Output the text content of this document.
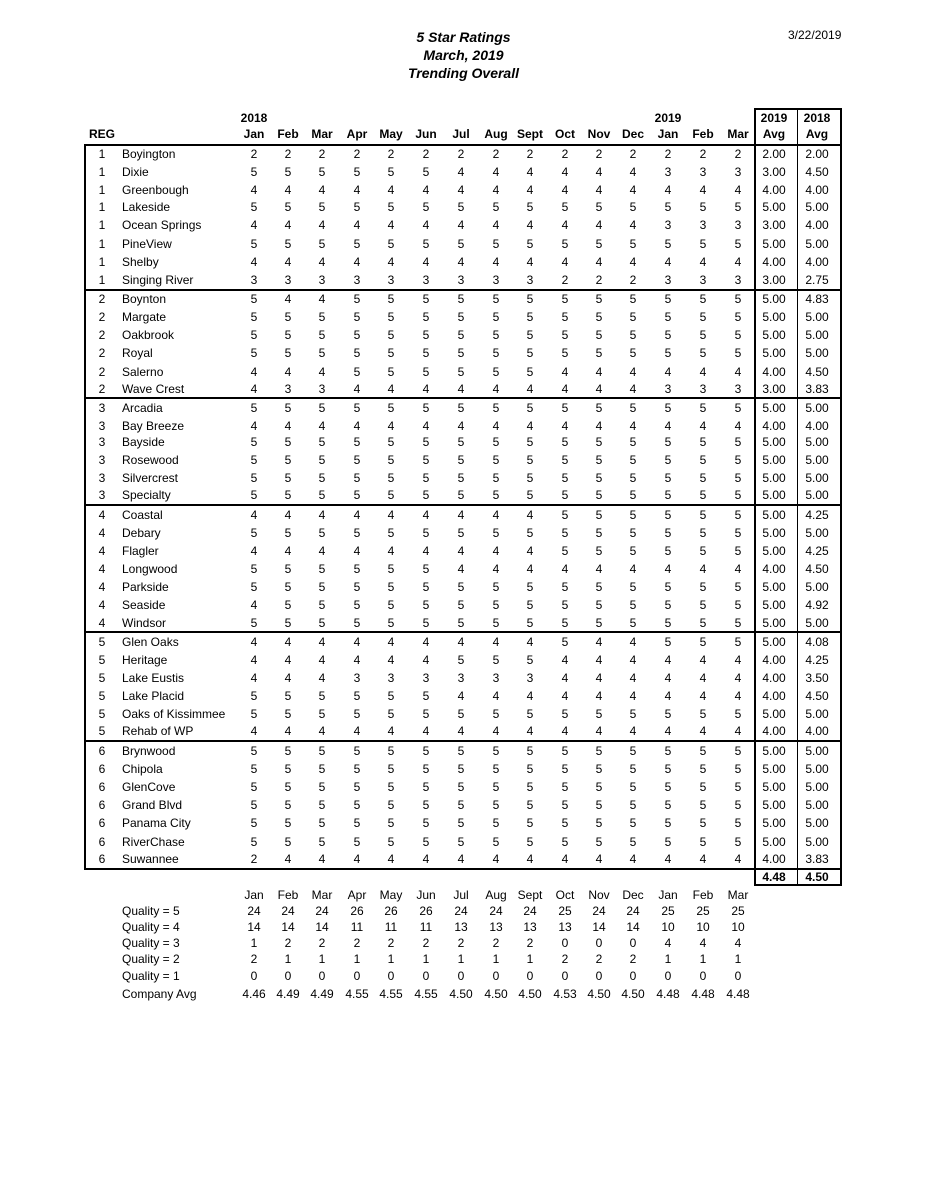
5 Star Ratings
March, 2019
Trending Overall
3/22/2019
REG
2018	2019
Jan Feb Mar Apr May Jun Jul Aug Sept Oct Nov Dec Jan Feb Mar
2019 2018
Avg Avg
1 Boyington	2 2 2 2 2 2 2 2 2 2 2 2 2 2 2 2.00 2.00
1 Dixie	5 5 5 5 5 5 4 4 4 4 4 4 3 3 3 3.00 4.50
1 Greenbough	4 4 4 4 4 4 4 4 4 4 4 4 4 4 4 4.00 4.00
1 Lakeside	5 5 5 5 5 5 5 5 5 5 5 5 5 5 5 5.00 5.00
1 Ocean Springs	4 4 4 4 4 4 4 4 4 4 4 4 3 3 3 3.00 4.00
1 PineView	5 5 5 5 5 5 5 5 5 5 5 5 5 5 5 5.00 5.00
1 Shelby	4 4 4 4 4 4 4 4 4 4 4 4 4 4 4 4.00 4.00
1 Singing River	3 3 3 3 3 3 3 3 3 2 2 2 3 3 3 3.00 2.75
2 Boynton	5 4 4 5 5 5 5 5 5 5 5 5 5 5 5 5.00 4.83
2 Margate	5 5 5 5 5 5 5 5 5 5 5 5 5 5 5 5.00 5.00
2 Oakbrook	5 5 5 5 5 5 5 5 5 5 5 5 5 5 5 5.00 5.00
2 Royal	5 5 5 5 5 5 5 5 5 5 5 5 5 5 5 5.00 5.00
2 Salerno	4 4 4 5 5 5 5 5 5 4 4 4 4 4 4 4.00 4.50
2 Wave Crest	4 3 3 4 4 4 4 4 4 4 4 4 3 3 3 3.00 3.83
3 Arcadia	5 5 5 5 5 5 5 5 5 5 5 5 5 5 5 5.00 5.00
3 Bay Breeze	4 4 4 4 4 4 4 4 4 4 4 4 4 4 4 4.00 4.00
3 Bayside	5 5 5 5 5 5 5 5 5 5 5 5 5 5 5 5.00 5.00
3 Rosewood	5 5 5 5 5 5 5 5 5 5 5 5 5 5 5 5.00 5.00
3 Silvercrest	5 5 5 5 5 5 5 5 5 5 5 5 5 5 5 5.00 5.00
3 Specialty	5 5 5 5 5 5 5 5 5 5 5 5 5 5 5 5.00 5.00
4 Coastal	4 4 4 4 4 4 4 4 4 5 5 5 5 5 5 5.00 4.25
4 Debary	5 5 5 5 5 5 5 5 5 5 5 5 5 5 5 5.00 5.00
4 Flagler	4 4 4 4 4 4 4 4 4 5 5 5 5 5 5 5.00 4.25
4 Longwood	5 5 5 5 5 5 4 4 4 4 4 4 4 4 4 4.00 4.50
4 Parkside	5 5 5 5 5 5 5 5 5 5 5 5 5 5 5 5.00 5.00
4 Seaside	4 5 5 5 5 5 5 5 5 5 5 5 5 5 5 5.00 4.92
4 Windsor	5 5 5 5 5 5 5 5 5 5 5 5 5 5 5 5.00 5.00
5 Glen Oaks	4 4 4 4 4 4 4 4 4 5 4 4 5 5 5 5.00 4.08
5 Heritage	4 4 4 4 4 4 5 5 5 4 4 4 4 4 4 4.00 4.25
5 Lake Eustis	4 4 4 3 3 3 3 3 3 4 4 4 4 4 4 4.00 3.50
5 Lake Placid	5 5 5 5 5 5 4 4 4 4 4 4 4 4 4 4.00 4.50
5 Oaks of Kissimmee 5 5 5 5 5 5 5 5 5 5 5 5 5 5 5 5.00 5.00
5 Rehab of WP	4 4 4 4 4 4 4 4 4 4 4 4 4 4 4 4.00 4.00
6 Brynwood	5 5 5 5 5 5 5 5 5 5 5 5 5 5 5 5.00 5.00
6 Chipola	5 5 5 5 5 5 5 5 5 5 5 5 5 5 5 5.00 5.00
6 GlenCove	5 5 5 5 5 5 5 5 5 5 5 5 5 5 5 5.00 5.00
6 Grand Blvd	5 5 5 5 5 5 5 5 5 5 5 5 5 5 5 5.00 5.00
6 Panama City	5 5 5 5 5 5 5 5 5 5 5 5 5 5 5 5.00 5.00
6 RiverChase	5 5 5 5 5 5 5 5 5 5 5 5 5 5 5 5.00 5.00
6 Suwannee	2 4 4 4 4 4 4 4 4 4 4 4 4 4 4 4.00 3.83
4.48 4.50
Jan Feb Mar Apr May Jun Jul Aug Sept Oct Nov Dec Jan Feb Mar
Quality = 5	24 24 24 26 26 26 24 24 24 25 24 24 25 25 25
Quality = 4	14 14 14 11 11 11 13 13 13 13 14 14 10 10 10
Quality = 3	1 2 2 2 2 2 2 2 2 0 0 0 4 4 4
Quality = 2	2 1 1 1 1 1 1 1 1 2 2 2 1 1 1
Quality = 1	0 0 0 0 0 0 0 0 0 0 0 0 0 0 0
Company Avg	4.46 4.49 4.49 4.55 4.55 4.55 4.50 4.50 4.50 4.53 4.50 4.50 4.48 4.48 4.48
